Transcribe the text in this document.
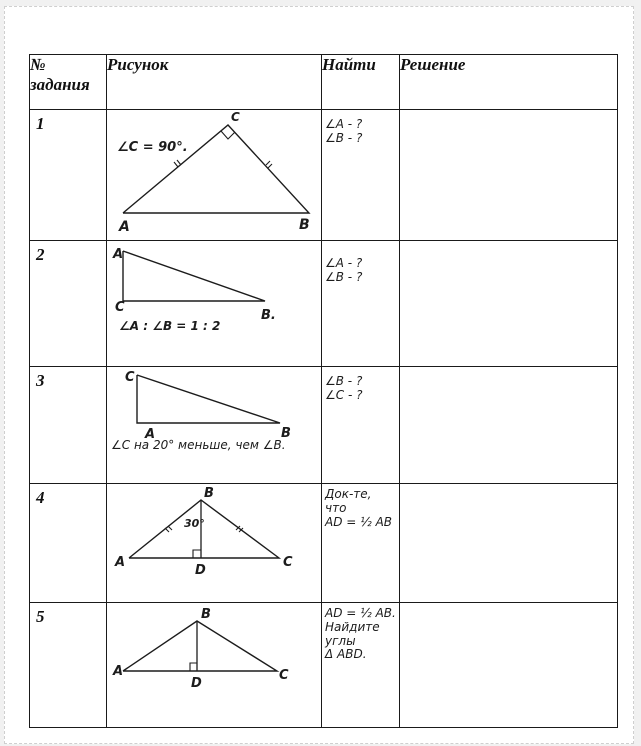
№ задания	Рисунок	Найти	Решение
1	∠C = 90°.
A B
C	∠A - ?
∠B - ?	

2	A
C
B.
∠A : ∠B = 1 : 2	∠A - ?
∠B - ?	

3	C
A B
∠C на 20° меньше, чем ∠B.	∠B - ?
∠C - ?	

4	30°
B
A C
D	Док-те,
что
AD = ½ AB	

5	B
A C
D	AD = ½ AB.
Найдите
углы
Δ ABD.	
